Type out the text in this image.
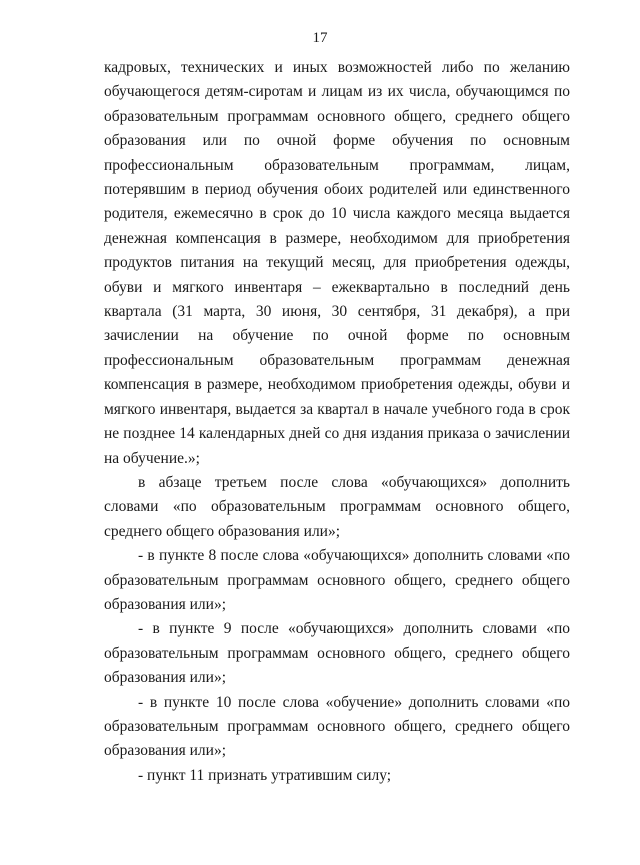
17

кадровых, технических и иных возможностей либо по желанию обучающегося детям-сиротам и лицам из их числа, обучающимся по образовательным программам основного общего, среднего общего образования или по очной форме обучения по основным профессиональным образовательным программам, лицам, потерявшим в период обучения обоих родителей или единственного родителя, ежемесячно в срок до 10 числа каждого месяца выдается денежная компенсация в размере, необходимом для приобретения продуктов питания на текущий месяц, для приобретения одежды, обуви и мягкого инвентаря – ежеквартально в последний день квартала (31 марта, 30 июня, 30 сентября, 31 декабря), а при зачислении на обучение по очной форме по основным профессиональным образовательным программам денежная компенсация в размере, необходимом приобретения одежды, обуви и мягкого инвентаря, выдается за квартал в начале учебного года в срок не позднее 14 календарных дней со дня издания приказа о зачислении на обучение.»;

в абзаце третьем после слова «обучающихся» дополнить словами «по образовательным программам основного общего, среднего общего образования или»;

- в пункте 8 после слова «обучающихся» дополнить словами «по образовательным программам основного общего, среднего общего образования или»;

- в пункте 9 после «обучающихся» дополнить словами «по образовательным программам основного общего, среднего общего образования или»;

- в пункте 10 после слова «обучение» дополнить словами «по образовательным программам основного общего, среднего общего образования или»;

- пункт 11 признать утратившим силу;
